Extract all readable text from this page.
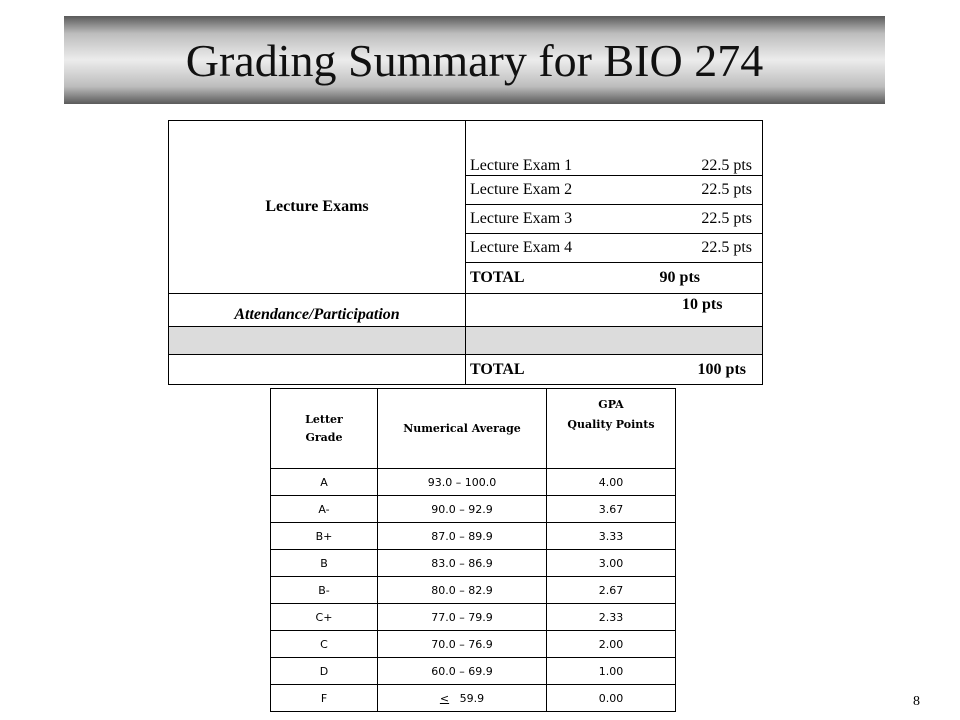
Grading Summary for BIO 274
Lecture Exams	Lecture Exam 1 22.5 pts

	Lecture Exam 2 22.5 pts

	Lecture Exam 3 22.5 pts

	Lecture Exam 4 22.5 pts

	TOTAL 90 pts

Attendance/Participation	10 pts

	TOTAL 100 pts
Letter Grade	Numerical Average	GPA
Quality Points

A	93.0 – 100.0	4.00
A-	90.0 – 92.9	3.67
B+	87.0 – 89.9	3.33
B	83.0 – 86.9	3.00
B-	80.0 – 82.9	2.67
C+	77.0 – 79.9	2.33
C	70.0 – 76.9	2.00
D	60.0 – 69.9	1.00
F	≤ 59.9	0.00	8
